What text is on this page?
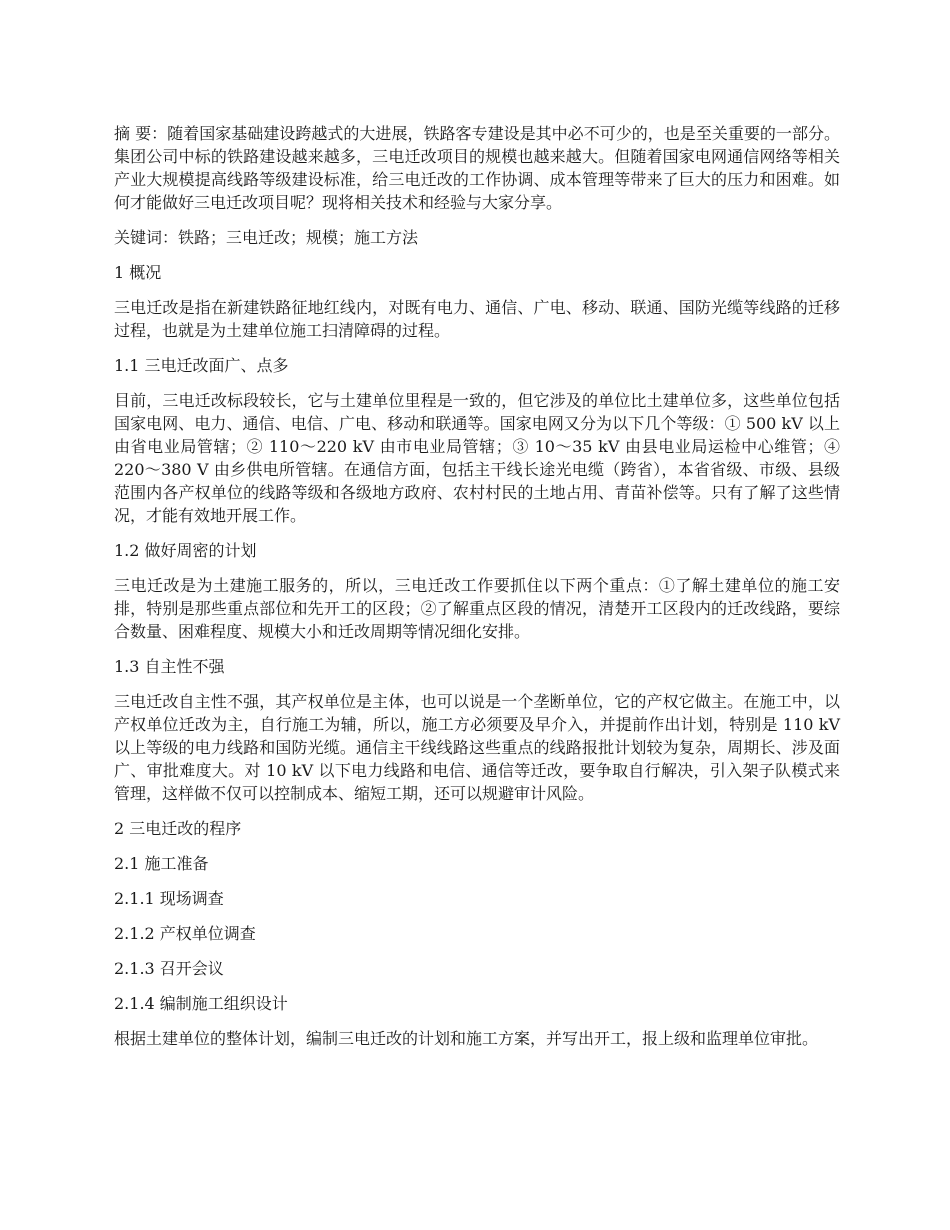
摘 要：随着国家基础建设跨越式的大进展，铁路客专建设是其中必不可少的，也是至关重要的一部分。集团公司中标的铁路建设越来越多，三电迁改项目的规模也越来越大。但随着国家电网通信网络等相关产业大规模提高线路等级建设标准，给三电迁改的工作协调、成本管理等带来了巨大的压力和困难。如何才能做好三电迁改项目呢？现将相关技术和经验与大家分享。

关键词：铁路；三电迁改；规模；施工方法

1 概况

三电迁改是指在新建铁路征地红线内，对既有电力、通信、广电、移动、联通、国防光缆等线路的迁移过程，也就是为土建单位施工扫清障碍的过程。

1.1 三电迁改面广、点多

目前，三电迁改标段较长，它与土建单位里程是一致的，但它涉及的单位比土建单位多，这些单位包括国家电网、电力、通信、电信、广电、移动和联通等。国家电网又分为以下几个等级：① 500 kV 以上由省电业局管辖；② 110～220 kV 由市电业局管辖；③ 10～35 kV 由县电业局运检中心维管；④ 220～380 V 由乡供电所管辖。在通信方面，包括主干线长途光电缆（跨省），本省省级、市级、县级范围内各产权单位的线路等级和各级地方政府、农村村民的土地占用、青苗补偿等。只有了解了这些情况，才能有效地开展工作。

1.2 做好周密的计划

三电迁改是为土建施工服务的，所以，三电迁改工作要抓住以下两个重点：①了解土建单位的施工安排，特别是那些重点部位和先开工的区段；②了解重点区段的情况，清楚开工区段内的迁改线路，要综合数量、困难程度、规模大小和迁改周期等情况细化安排。

1.3 自主性不强

三电迁改自主性不强，其产权单位是主体，也可以说是一个垄断单位，它的产权它做主。在施工中，以产权单位迁改为主，自行施工为辅，所以，施工方必须要及早介入，并提前作出计划，特别是 110 kV 以上等级的电力线路和国防光缆。通信主干线线路这些重点的线路报批计划较为复杂，周期长、涉及面广、审批难度大。对 10 kV 以下电力线路和电信、通信等迁改，要争取自行解决，引入架子队模式来管理，这样做不仅可以控制成本、缩短工期，还可以规避审计风险。

2 三电迁改的程序

2.1 施工准备

2.1.1 现场调查

2.1.2 产权单位调查

2.1.3 召开会议

2.1.4 编制施工组织设计

根据土建单位的整体计划，编制三电迁改的计划和施工方案，并写出开工，报上级和监理单位审批。
